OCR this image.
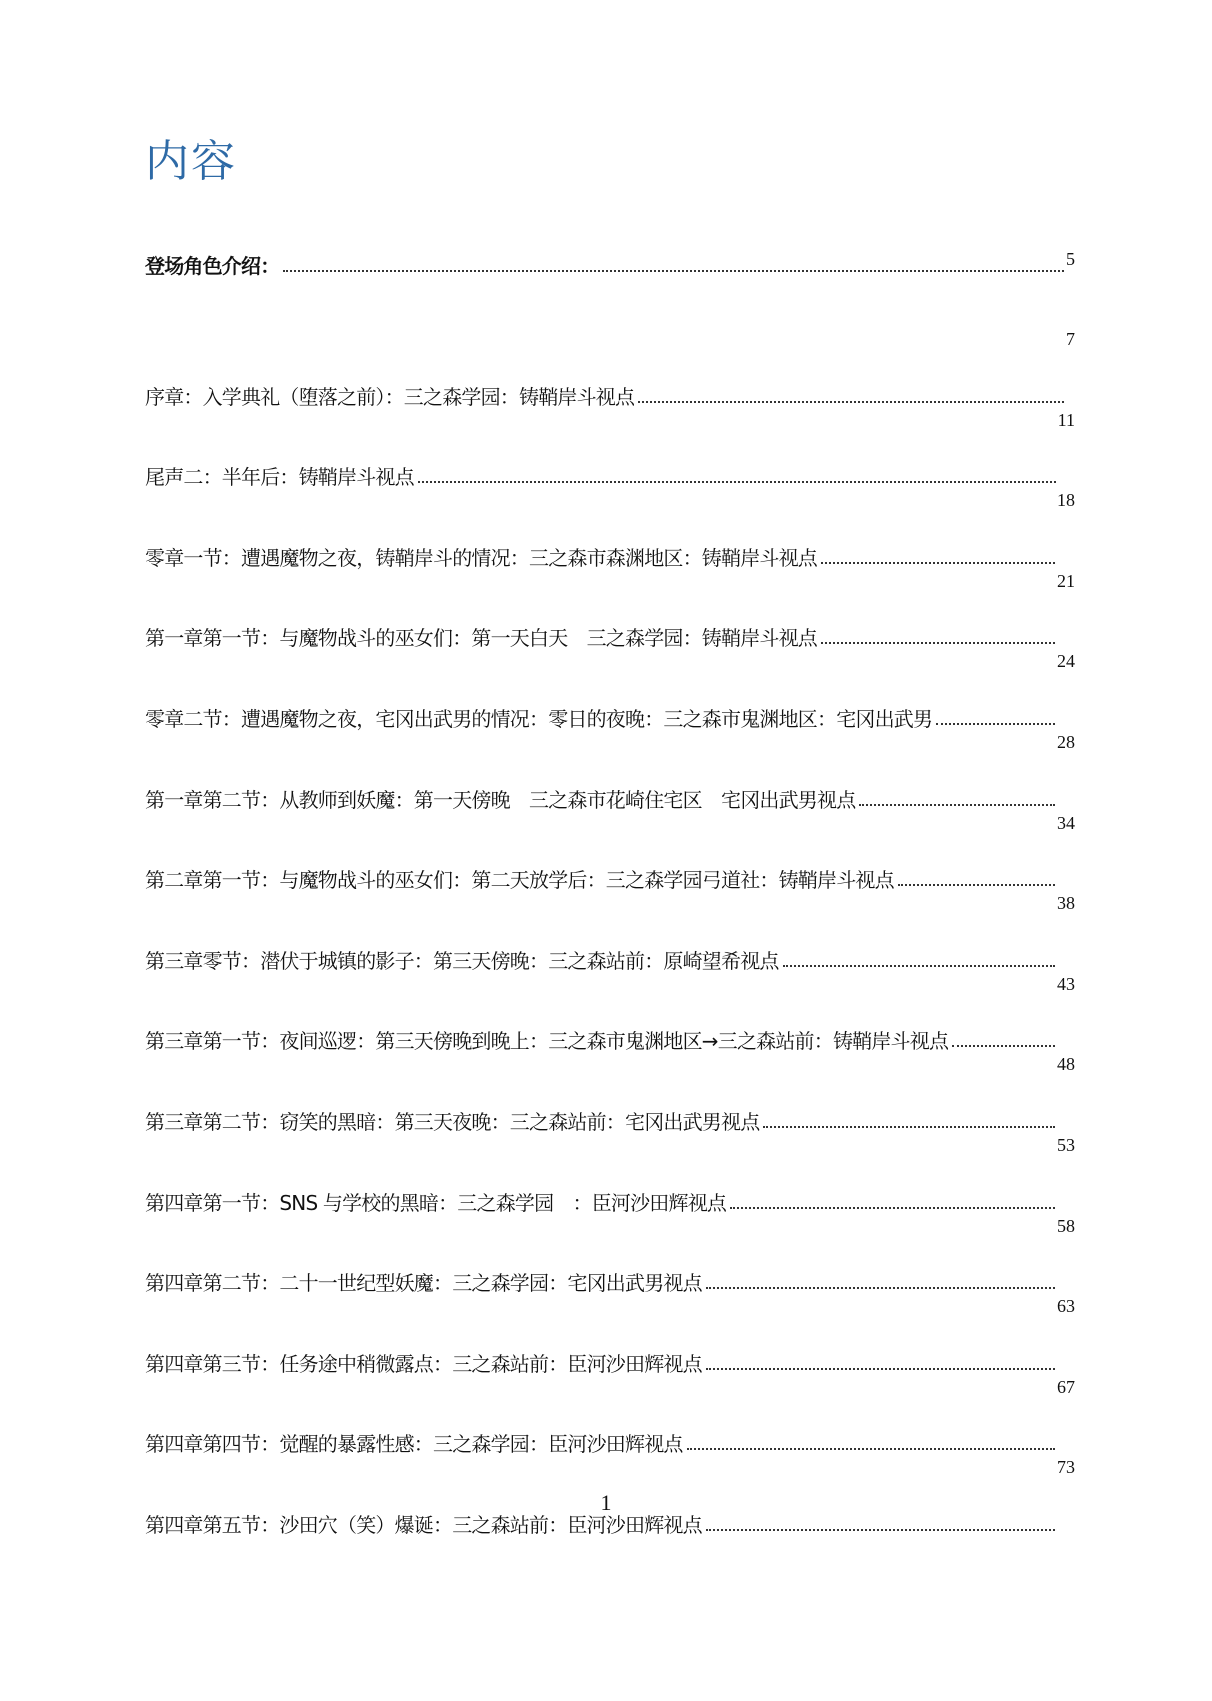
内容
登场角色介绍：	5
序章：入学典礼（堕落之前）：三之森学园：铸鞘岸斗视点
7
尾声二：半年后：铸鞘岸斗视点
11
零章一节：遭遇魔物之夜，铸鞘岸斗的情况：三之森市森渊地区：铸鞘岸斗视点
18
第一章第一节：与魔物战斗的巫女们：第一天白天　三之森学园：铸鞘岸斗视点
21
零章二节：遭遇魔物之夜，宅冈出武男的情况：零日的夜晚：三之森市鬼渊地区：宅冈出武男
24
第一章第二节：从教师到妖魔：第一天傍晚　三之森市花崎住宅区　宅冈出武男视点
28
第二章第一节：与魔物战斗的巫女们：第二天放学后：三之森学园弓道社：铸鞘岸斗视点
34
第三章零节：潜伏于城镇的影子：第三天傍晚：三之森站前：原崎望希视点
38
第三章第一节：夜间巡逻：第三天傍晚到晚上：三之森市鬼渊地区→三之森站前：铸鞘岸斗视点
43
第三章第二节：窃笑的黑暗：第三天夜晚：三之森站前：宅冈出武男视点
48
第四章第一节：SNS 与学校的黑暗：三之森学园　：臣河沙田辉视点
53
第四章第二节：二十一世纪型妖魔：三之森学园：宅冈出武男视点
58
第四章第三节：任务途中稍微露点：三之森站前：臣河沙田辉视点
63
第四章第四节：觉醒的暴露性感：三之森学园：臣河沙田辉视点
67
第四章第五节：沙田穴（笑）爆诞：三之森站前：臣河沙田辉视点
73
1
